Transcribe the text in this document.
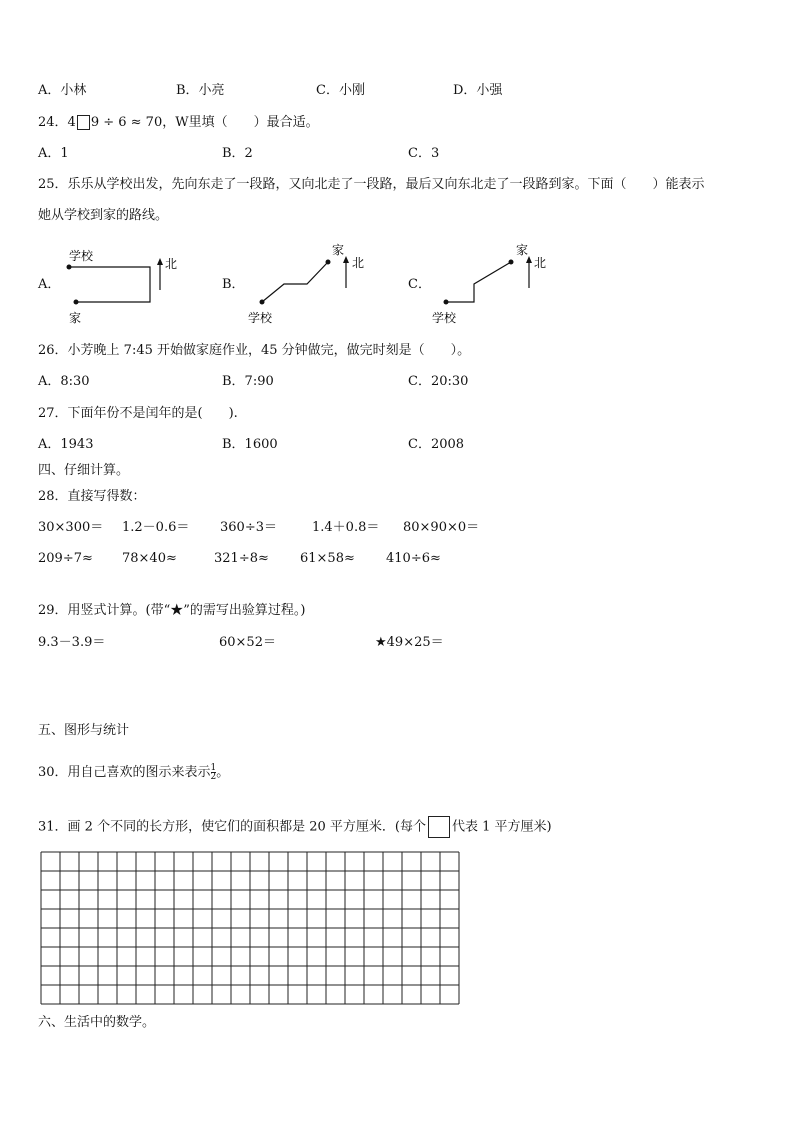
A．小林	B．小亮	C．小刚	D．小强
24．4 9 ÷ 6 ≈ 70，W里填（　　）最合适。
A．1	B．2	C．3
25．乐乐从学校出发，先向东走了一段路，又向北走了一段路，最后又向东北走了一段路到家。下面（　　）能表示
她从学校到家的路线。
A．	B．	C．
学校
家
北
家
北
学校
家
北
学校
26．小芳晚上 7:45 开始做家庭作业，45 分钟做完，做完时刻是（　　）。
A．8:30	B．7:90	C．20:30
27．下面年份不是闰年的是(　　).
A．1943	B．1600	C．2008
四、仔细计算。
28．直接写得数：
30×300＝ 1.2－0.6＝ 360÷3＝	1.4＋0.8＝ 80×90×0＝
209÷7≈ 78×40≈	321÷8≈ 61×58≈ 410÷6≈
29．用竖式计算。(带“★”的需写出验算过程。)
9.3－3.9＝	60×52＝	★49×25＝
五、图形与统计
30．用自己喜欢的图示来表示 $\frac{1}{2}$ 。
31．画 2 个不同的长方形，使它们的面积都是 20 平方厘米．(每个 代表 1 平方厘米)
六、生活中的数学。
